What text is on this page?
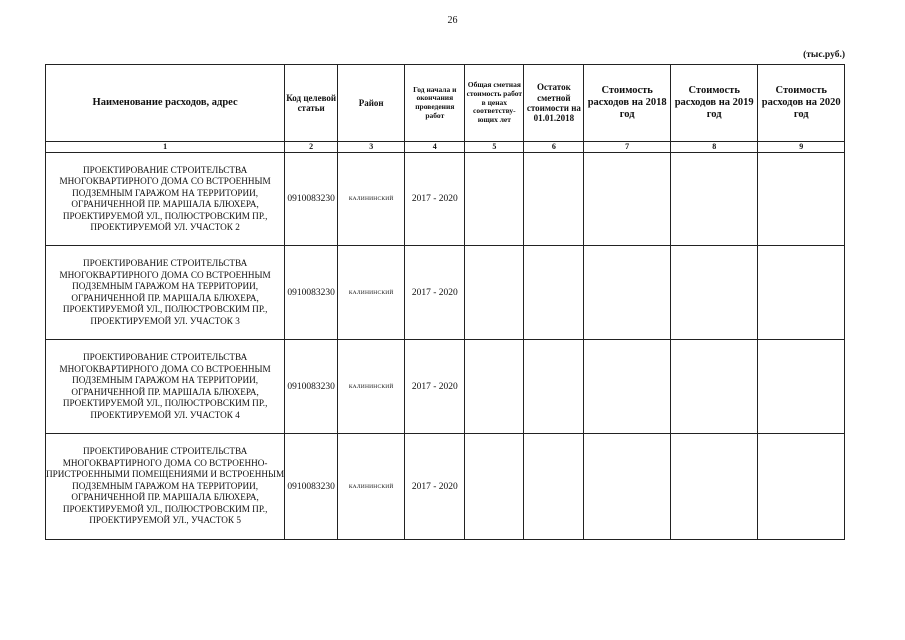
26
(тыс.руб.)
Наименование расходов, адрес	Код целевой статьи	Район	Год начала и окончания проведения работ	Общая сметная стоимость работ в ценах соответству-ющих лет	Остаток сметной стоимости на 01.01.2018	Стоимость расходов на 2018 год	Стоимость расходов на 2019 год	Стоимость расходов на 2020 год
1	2	3	4	5	6	7	8	9
ПРОЕКТИРОВАНИЕ СТРОИТЕЛЬСТВА МНОГОКВАРТИРНОГО ДОМА СО ВСТРОЕННЫМ ПОДЗЕМНЫМ ГАРАЖОМ НА ТЕРРИТОРИИ, ОГРАНИЧЕННОЙ ПР. МАРШАЛА БЛЮХЕРА, ПРОЕКТИРУЕМОЙ УЛ., ПОЛЮСТРОВСКИМ ПР., ПРОЕКТИРУЕМОЙ УЛ. УЧАСТОК 2	0910083230	КАЛИНИНСКИЙ	2017 - 2020					
ПРОЕКТИРОВАНИЕ СТРОИТЕЛЬСТВА МНОГОКВАРТИРНОГО ДОМА СО ВСТРОЕННЫМ ПОДЗЕМНЫМ ГАРАЖОМ НА ТЕРРИТОРИИ, ОГРАНИЧЕННОЙ ПР. МАРШАЛА БЛЮХЕРА, ПРОЕКТИРУЕМОЙ УЛ., ПОЛЮСТРОВСКИМ ПР., ПРОЕКТИРУЕМОЙ УЛ. УЧАСТОК 3	0910083230	КАЛИНИНСКИЙ	2017 - 2020					
ПРОЕКТИРОВАНИЕ СТРОИТЕЛЬСТВА МНОГОКВАРТИРНОГО ДОМА СО ВСТРОЕННЫМ ПОДЗЕМНЫМ ГАРАЖОМ НА ТЕРРИТОРИИ, ОГРАНИЧЕННОЙ ПР. МАРШАЛА БЛЮХЕРА, ПРОЕКТИРУЕМОЙ УЛ., ПОЛЮСТРОВСКИМ ПР., ПРОЕКТИРУЕМОЙ УЛ. УЧАСТОК 4	0910083230	КАЛИНИНСКИЙ	2017 - 2020					
ПРОЕКТИРОВАНИЕ СТРОИТЕЛЬСТВА МНОГОКВАРТИРНОГО ДОМА СО ВСТРОЕННО-ПРИСТРОЕННЫМИ ПОМЕЩЕНИЯМИ И ВСТРОЕННЫМ ПОДЗЕМНЫМ ГАРАЖОМ НА ТЕРРИТОРИИ, ОГРАНИЧЕННОЙ ПР. МАРШАЛА БЛЮХЕРА, ПРОЕКТИРУЕМОЙ УЛ., ПОЛЮСТРОВСКИМ ПР., ПРОЕКТИРУЕМОЙ УЛ., УЧАСТОК 5	0910083230	КАЛИНИНСКИЙ	2017 - 2020					
